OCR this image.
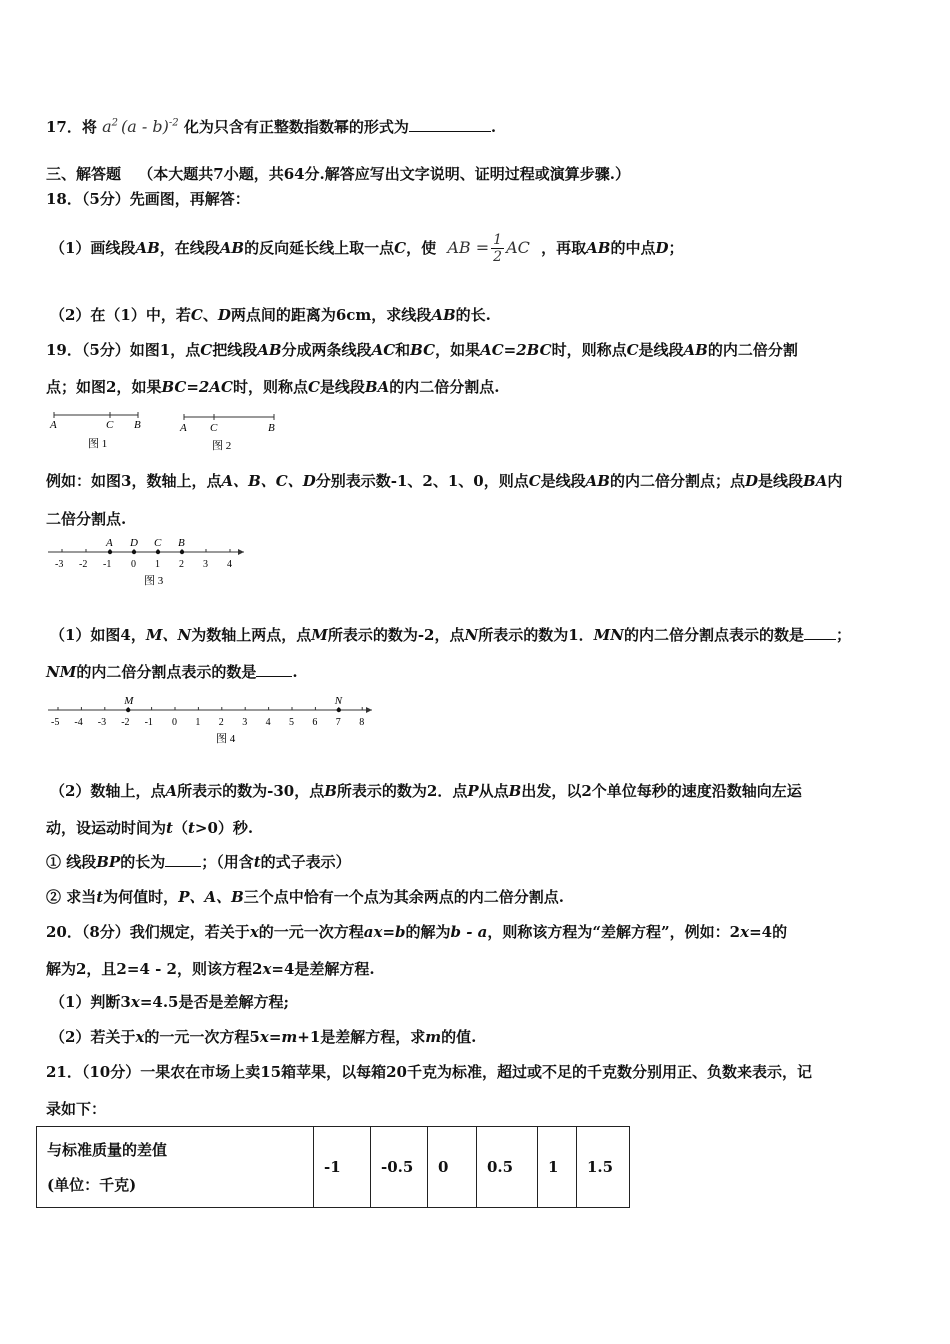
17．将 $a^2$ (a - b)$^{-2}$ 化为只含有正整数指数幂的形式为	.
三、解答题 （本大题共7小题，共64分.解答应写出文字说明、证明过程或演算步骤.）
18．（5分）先画图，再解答：
（1）画线段AB，在线段AB的反向延长线上取一点C，使 AB = $\frac{1}{2}$ AC ，再取AB的中点D；
（2）在（1）中，若C、D两点间的距离为6cm，求线段AB的长.
19．（5分）如图1，点C把线段AB分成两条线段AC和BC，如果AC=2BC时，则称点C是线段AB的内二倍分割
点；如图2，如果BC=2AC时，则称点C是线段BA的内二倍分割点.
A	C B
图 1
A C	B
图 2
例如：如图3，数轴上，点A、B、C、D分别表示数-1、2、1、0，则点C是线段AB的内二倍分割点；点D是线段BA内
二倍分割点.
-3 -2 -1 0 1 2 3 4
A D C B
图 3
（1）如图4，M、N为数轴上两点，点M所表示的数为-2，点N所表示的数为1．MN的内二倍分割点表示的数是 ；
NM的内二倍分割点表示的数是 .
-5 -4 -3 -2 -1 0 1 2 3 4 5 6 7 8
M	N
图 4
（2）数轴上，点A所表示的数为-30，点B所表示的数为2．点P从点B出发，以2个单位每秒的速度沿数轴向左运
动，设运动时间为t（t>0）秒.
① 线段BP的长为 ；（用含t的式子表示）
② 求当t为何值时，P、A、B三个点中恰有一个点为其余两点的内二倍分割点.
20．（8分）我们规定，若关于x的一元一次方程ax=b的解为b - a，则称该方程为“差解方程”，例如：2x=4的
解为2，且2=4 - 2，则该方程2x=4是差解方程.
（1）判断3x=4.5是否是差解方程;
（2）若关于x的一元一次方程5x=m+1是差解方程，求m的值.
21．（10分）一果农在市场上卖15箱苹果，以每箱20千克为标准，超过或不足的千克数分别用正、负数来表示，记
录如下：
与标准质量的差值
(单位：千克)
	-1	-0.5	0	0.5	1	1.5
